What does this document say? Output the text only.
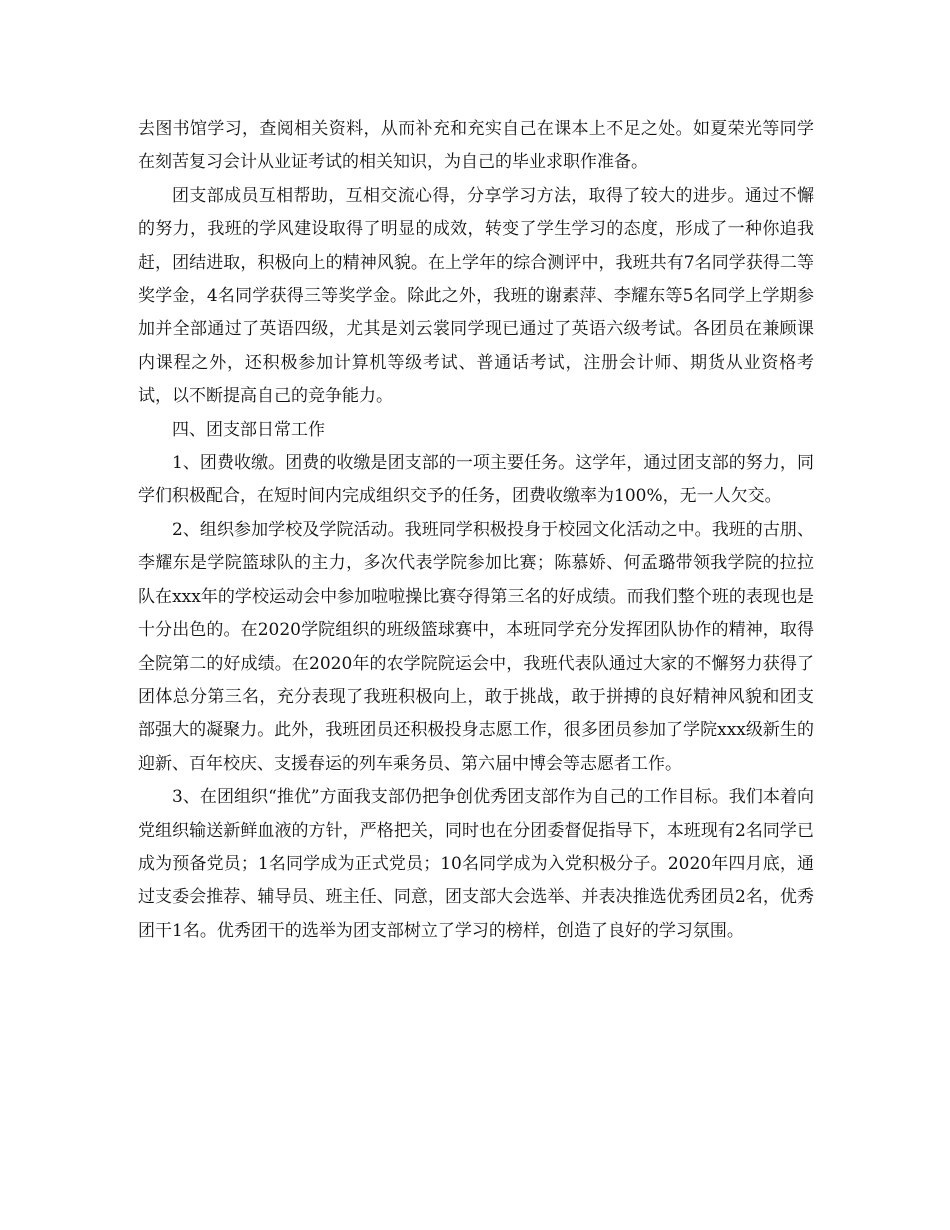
去图书馆学习，查阅相关资料，从而补充和充实自己在课本上不足之处。如夏荣光等同学在刻苦复习会计从业证考试的相关知识，为自己的毕业求职作准备。

团支部成员互相帮助，互相交流心得，分享学习方法，取得了较大的进步。通过不懈的努力，我班的学风建设取得了明显的成效，转变了学生学习的态度，形成了一种你追我赶，团结进取，积极向上的精神风貌。在上学年的综合测评中，我班共有7名同学获得二等奖学金，4名同学获得三等奖学金。除此之外，我班的谢素萍、李耀东等5名同学上学期参加并全部通过了英语四级，尤其是刘云裳同学现已通过了英语六级考试。各团员在兼顾课内课程之外，还积极参加计算机等级考试、普通话考试，注册会计师、期货从业资格考试，以不断提高自己的竞争能力。

四、团支部日常工作

1、团费收缴。团费的收缴是团支部的一项主要任务。这学年，通过团支部的努力，同学们积极配合，在短时间内完成组织交予的任务，团费收缴率为100%，无一人欠交。

2、组织参加学校及学院活动。我班同学积极投身于校园文化活动之中。我班的古朋、李耀东是学院篮球队的主力，多次代表学院参加比赛；陈慕娇、何孟璐带领我学院的拉拉队在xxx年的学校运动会中参加啦啦操比赛夺得第三名的好成绩。而我们整个班的表现也是十分出色的。在2020学院组织的班级篮球赛中，本班同学充分发挥团队协作的精神，取得全院第二的好成绩。在2020年的农学院院运会中，我班代表队通过大家的不懈努力获得了团体总分第三名，充分表现了我班积极向上，敢于挑战，敢于拼搏的良好精神风貌和团支部强大的凝聚力。此外，我班团员还积极投身志愿工作，很多团员参加了学院xxx级新生的迎新、百年校庆、支援春运的列车乘务员、第六届中博会等志愿者工作。

3、在团组织“推优”方面我支部仍把争创优秀团支部作为自己的工作目标。我们本着向党组织输送新鲜血液的方针，严格把关，同时也在分团委督促指导下，本班现有2名同学已成为预备党员；1名同学成为正式党员；10名同学成为入党积极分子。2020年四月底，通过支委会推荐、辅导员、班主任、同意，团支部大会选举、并表决推选优秀团员2名，优秀团干1名。优秀团干的选举为团支部树立了学习的榜样，创造了良好的学习氛围。
